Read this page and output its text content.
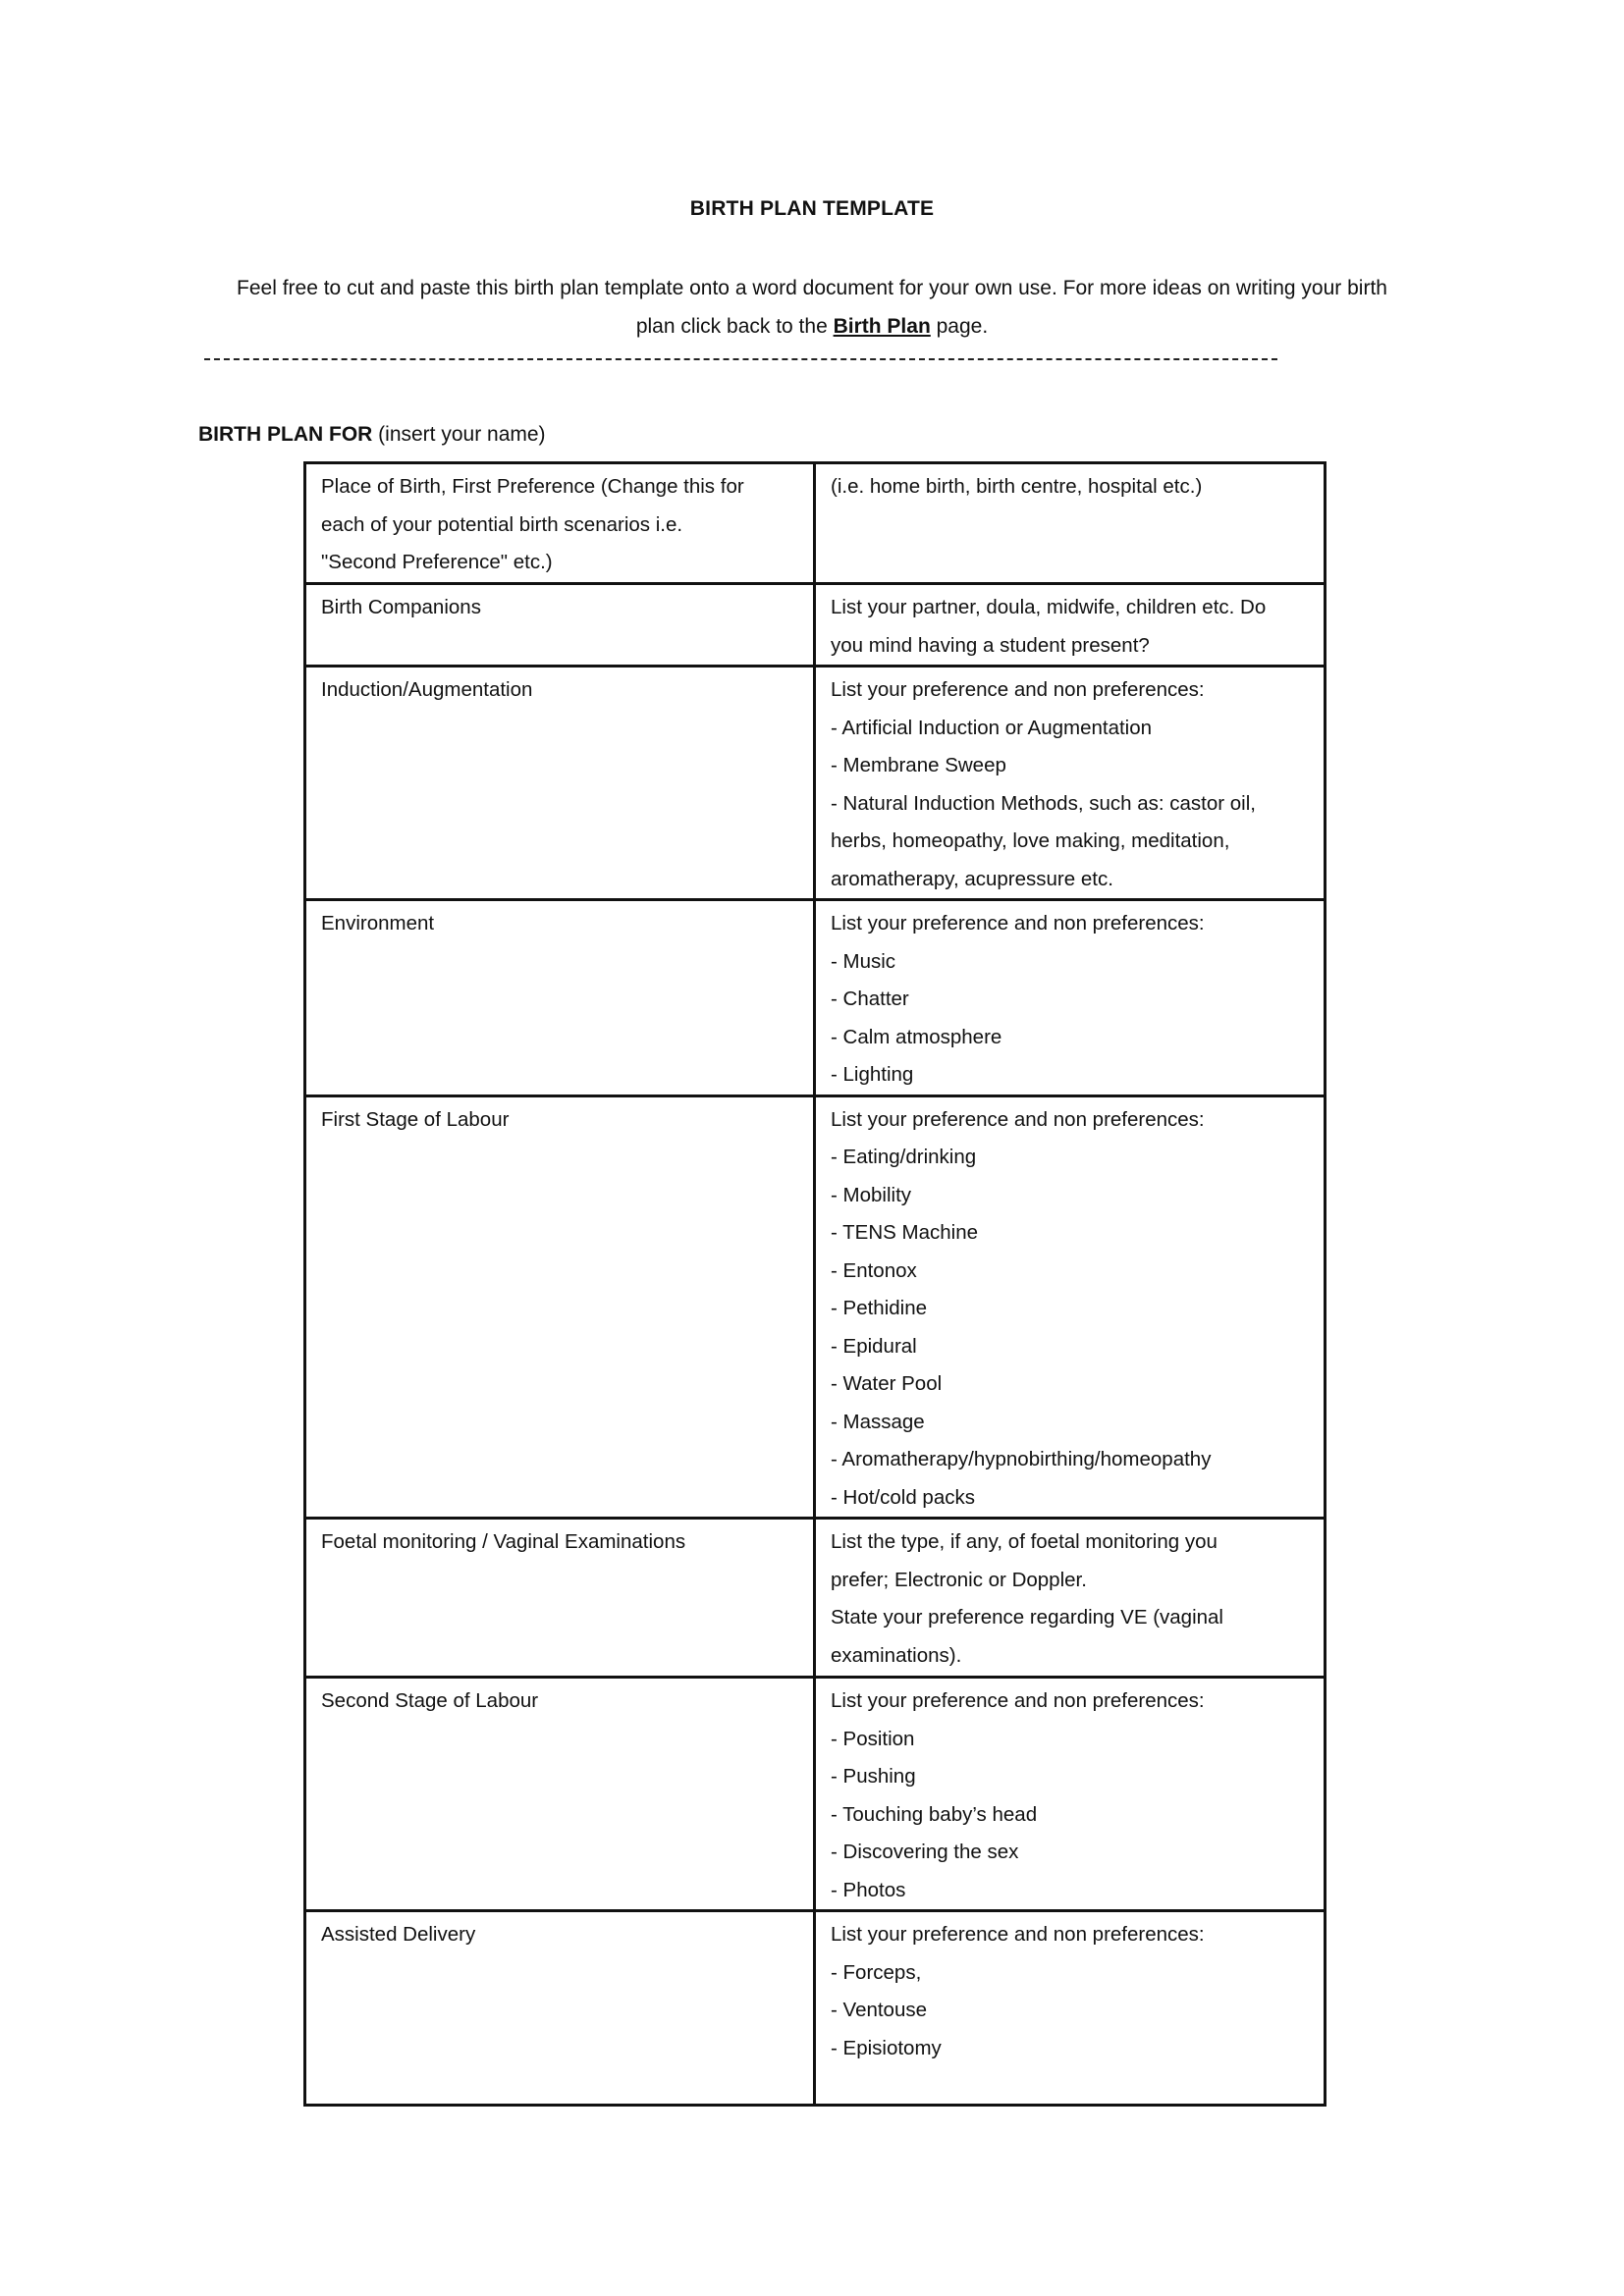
BIRTH PLAN TEMPLATE
Feel free to cut and paste this birth plan template onto a word document for your own use. For more ideas on writing your birth
plan click back to the Birth Plan page.
BIRTH PLAN FOR (insert your name)
Place of Birth, First Preference (Change this for
each of your potential birth scenarios i.e.
"Second Preference" etc.)	(i.e. home birth, birth centre, hospital etc.)

Birth Companions	List your partner, doula, midwife, children etc. Do
you mind having a student present?

Induction/Augmentation	List your preference and non preferences:
- Artificial Induction or Augmentation
- Membrane Sweep
- Natural Induction Methods, such as: castor oil,
herbs, homeopathy, love making, meditation,
aromatherapy, acupressure etc.

Environment	List your preference and non preferences:
- Music
- Chatter
- Calm atmosphere
- Lighting

First Stage of Labour	List your preference and non preferences:
- Eating/drinking
- Mobility
- TENS Machine
- Entonox
- Pethidine
- Epidural
- Water Pool
- Massage
- Aromatherapy/hypnobirthing/homeopathy
- Hot/cold packs

Foetal monitoring / Vaginal Examinations	List the type, if any, of foetal monitoring you
prefer; Electronic or Doppler.
State your preference regarding VE (vaginal
examinations).

Second Stage of Labour	List your preference and non preferences:
- Position
- Pushing
- Touching baby’s head
- Discovering the sex
- Photos

Assisted Delivery	List your preference and non preferences:
- Forceps,
- Ventouse
- Episiotomy
